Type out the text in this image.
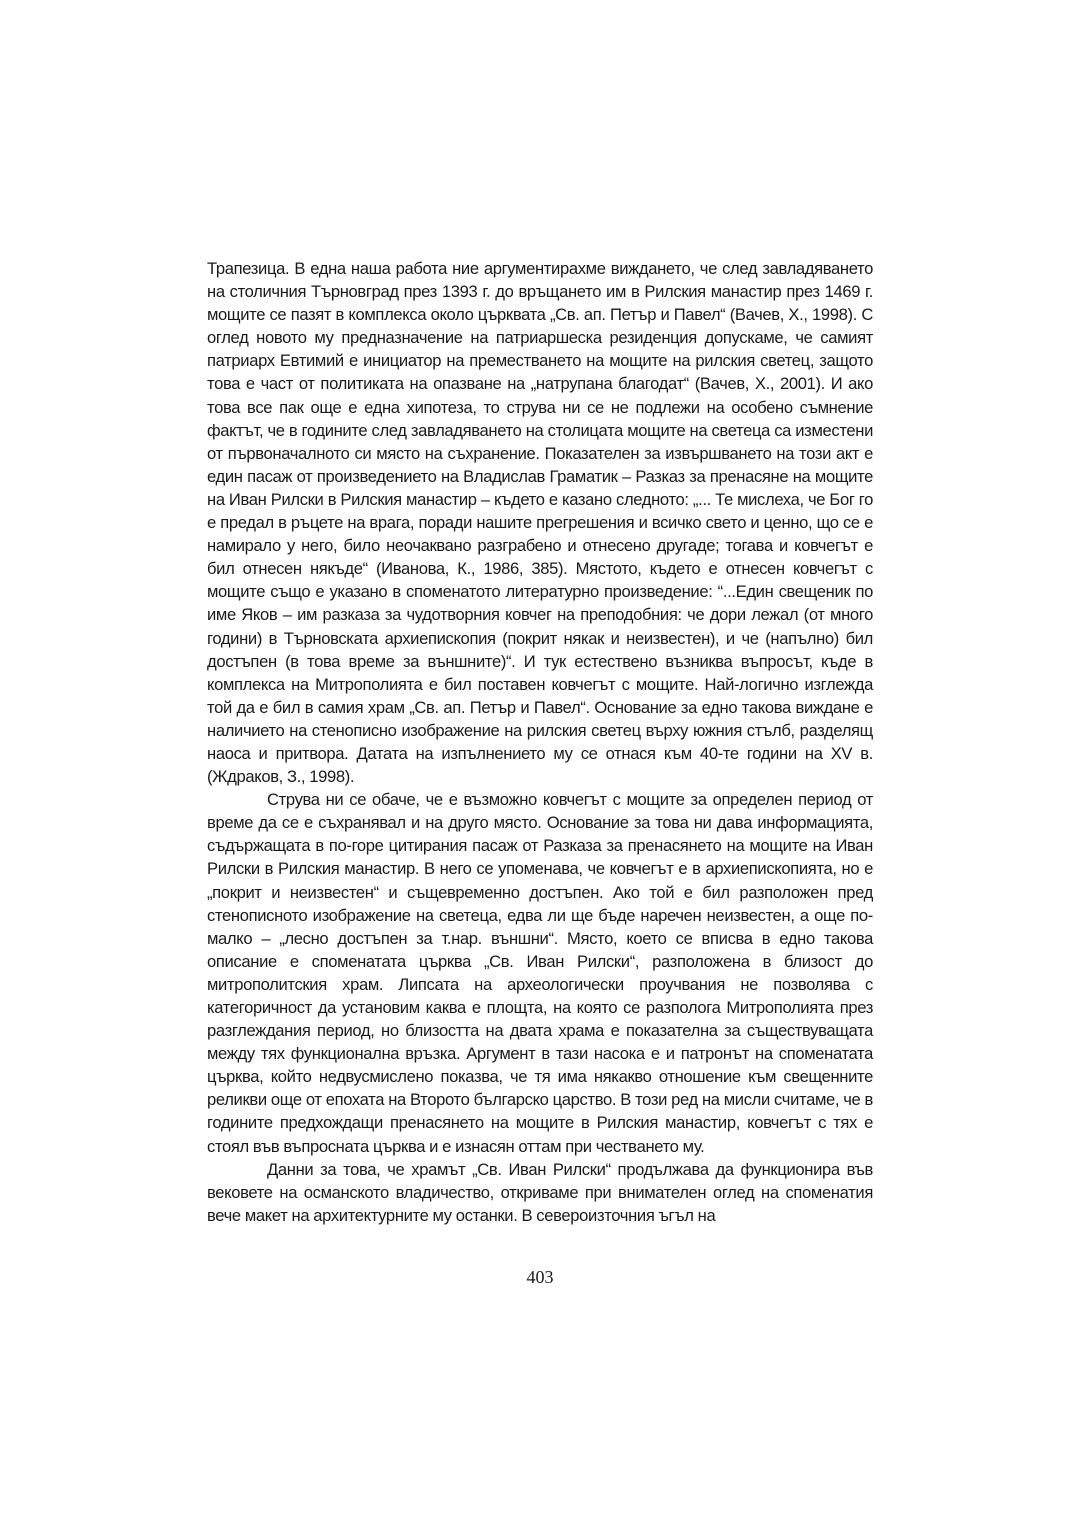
Трапезица. В една наша работа ние аргументирахме вижданетo, че след завладяването на столичния Търновград през 1393 г. до връщането им в Рилския манастир през 1469 г. мощите се пазят в комплекса около църквата „Св. ап. Петър и Павел“ (Вачев, Х., 1998). С оглед новото му предназначение на патриаршеска резиденция допускаме, че самият патриарх Евтимий е инициатор на преместването на мощите на рилския светец, защото това е част от политиката на опазване на „натрупана благодат“ (Вачев, Х., 2001). И ако това все пак още е една хипотеза, то струва ни се не подлежи на особено съмнение фактът, че в годините след завладяването на столицата мощите на светеца са изместени от първоначалното си място на съхранение. Показателен за извършването на този акт е един пасаж от произведението на Владислав Граматик – Разказ за пренасяне на мощите на Иван Рилски в Рилския манастир – където е казано следното: „... Те мислеха, че Бог го е предал в ръцете на врага, поради нашите прегрешения и всичко свето и ценно, що се е намирало у него, било неочаквано разграбено и отнесено другаде; тогава и ковчегът е бил отнесен някъде“ (Иванова, К., 1986, 385). Мястото, където е отнесен ковчегът с мощите също е указано в споменатото литературно произведение: “...Един свещеник по име Яков – им разказа за чудотворния ковчег на преподобния: че дори лежал (от много години) в Търновската архиепископия (покрит някак и неизвестен), и че (напълно) бил достъпен (в това време за външните)“. И тук естествено възниква въпросът, къде в комплекса на Митрополията е бил поставен ковчегът с мощите. Най-логично изглежда той да е бил в самия храм „Св. ап. Петър и Павел“. Основание за едно такова виждане е наличието на стенописно изображение на рилския светец върху южния стълб, разделящ наоса и притвора. Датата на изпълнението му се отнася към 40-те години на XV в. (Ждраков, З., 1998).

Струва ни се обаче, че е възможно ковчегът с мощите за определен период от време да се е съхранявал и на друго място. Основание за това ни дава информацията, съдържащата в по-горе цитирания пасаж от Разказа за пренасянето на мощите на Иван Рилски в Рилския манастир. В него се упоменава, че ковчегът е в архиепископията, но е „покрит и неизвестен“ и същевременно достъпен. Ако той е бил разположен пред стенописното изображение на светеца, едва ли ще бъде наречен неизвестен, а още по-малко – „лесно достъпен за т.нар. външни“. Място, което се вписва в едно такова описание е споменатата църква „Св. Иван Рилски“, разположена в близост до митрополитския храм. Липсата на археологически проучвания не позволява с категоричност да установим каква е площта, на която се разполога Митрополията през разглеждания период, но близостта на двата храма е показателна за съществуващата между тях функционална връзка. Аргумент в тази насока е и патронът на споменатата църква, който недвусмислено показва, че тя има някакво отношение към свещенните реликви още от епохата на Второто българско царство. В този ред на мисли считаме, че в годините предхождащи пренасянето на мощите в Рилския манастир, ковчегът с тях е стоял във въпросната църква и е изнасян оттам при чествaнето му.

Данни за това, че храмът „Св. Иван Рилски“ продължава да функционира във вековете на османското владичество, откриваме при внимателен оглед на споменатия вече макет на архитектурните му останки. В североизточния ъгъл на

403
